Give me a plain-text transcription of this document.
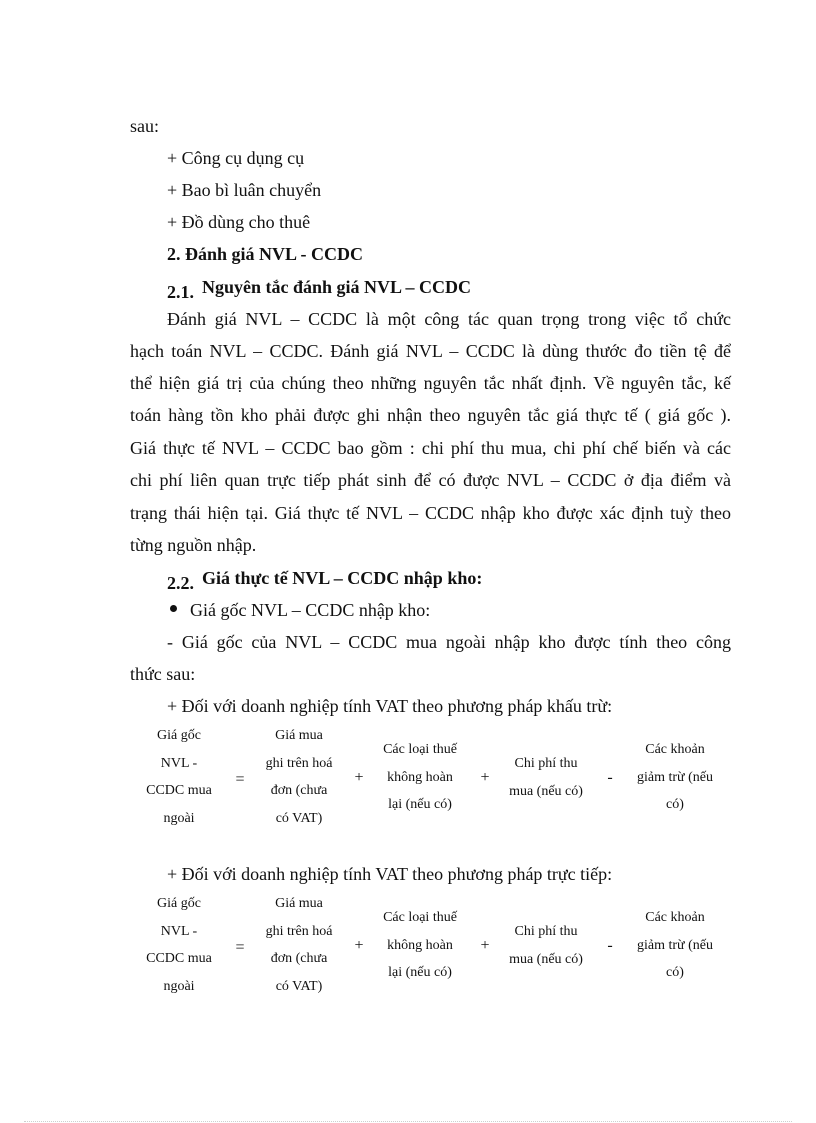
sau:
+ Công cụ dụng cụ
+ Bao bì luân chuyển
+ Đồ dùng cho thuê
2. Đánh giá NVL - CCDC
2.1. Nguyên tắc đánh giá NVL – CCDC
Đánh giá NVL – CCDC là một công tác quan trọng trong việc tổ chức
hạch toán NVL – CCDC. Đánh giá NVL – CCDC là dùng thước đo tiền tệ để
thể hiện giá trị của chúng theo những nguyên tắc nhất định. Về nguyên tắc, kế
toán hàng tồn kho phải được ghi nhận theo nguyên tắc giá thực tế ( giá gốc ).
Giá thực tế NVL – CCDC bao gồm : chi phí thu mua, chi phí chế biến và các
chi phí liên quan trực tiếp phát sinh để có được NVL – CCDC ở địa điểm và
trạng thái hiện tại. Giá thực tế NVL – CCDC nhập kho được xác định tuỳ theo
từng nguồn nhập.
2.2. Giá thực tế NVL – CCDC nhập kho:
Giá gốc NVL – CCDC nhập kho:
- Giá gốc của NVL – CCDC mua ngoài nhập kho được tính theo công
thức sau:
+ Đối với doanh nghiệp tính VAT theo phương pháp khấu trừ:
Giá gốc
NVL -
CCDC mua
ngoài
=
Giá mua
ghi trên hoá
đơn (chưa
có VAT)
+
Các loại thuế
không hoàn
lại (nếu có)
+
Chi phí thu
mua (nếu có)
-
Các khoản
giảm trừ (nếu
có)
+ Đối với doanh nghiệp tính VAT theo phương pháp trực tiếp:
Giá gốc
NVL -
CCDC mua
ngoài
=
Giá mua
ghi trên hoá
đơn (chưa
có VAT)
+
Các loại thuế
không hoàn
lại (nếu có)
+
Chi phí thu
mua (nếu có)
-
Các khoản
giảm trừ (nếu
có)
